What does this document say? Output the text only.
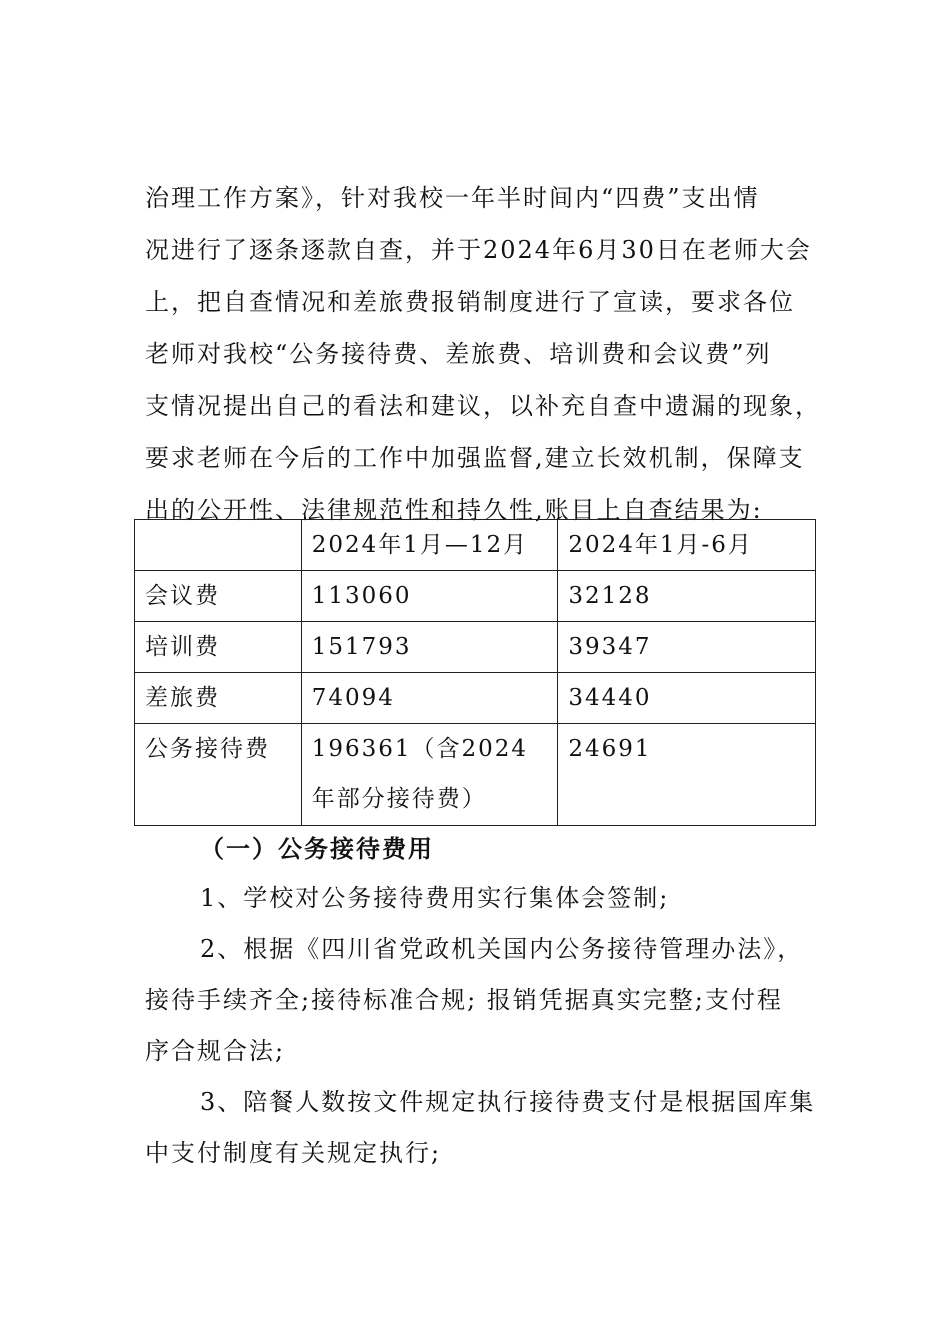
治理工作方案》，针对我校一年半时间内“四费”支出情
况进行了逐条逐款自查，并于2024年6月30日在老师大会
上，把自查情况和差旅费报销制度进行了宣读，要求各位
老师对我校“公务接待费、差旅费、培训费和会议费”列
支情况提出自己的看法和建议，以补充自查中遗漏的现象，
要求老师在今后的工作中加强监督,建立长效机制，保障支
出的公开性、法律规范性和持久性,账目上自查结果为:
	2024年1月—12月	2024年1月-6月
会议费	113060	32128
培训费	151793	39347
差旅费	74094	34440
公务接待费	196361（含2024年部分接待费）	24691
（一）公务接待费用
1、学校对公务接待费用实行集体会签制;
2、根据《四川省党政机关国内公务接待管理办法》，
接待手续齐全;接待标准合规; 报销凭据真实完整;支付程
序合规合法;
3、陪餐人数按文件规定执行接待费支付是根据国库集
中支付制度有关规定执行;
